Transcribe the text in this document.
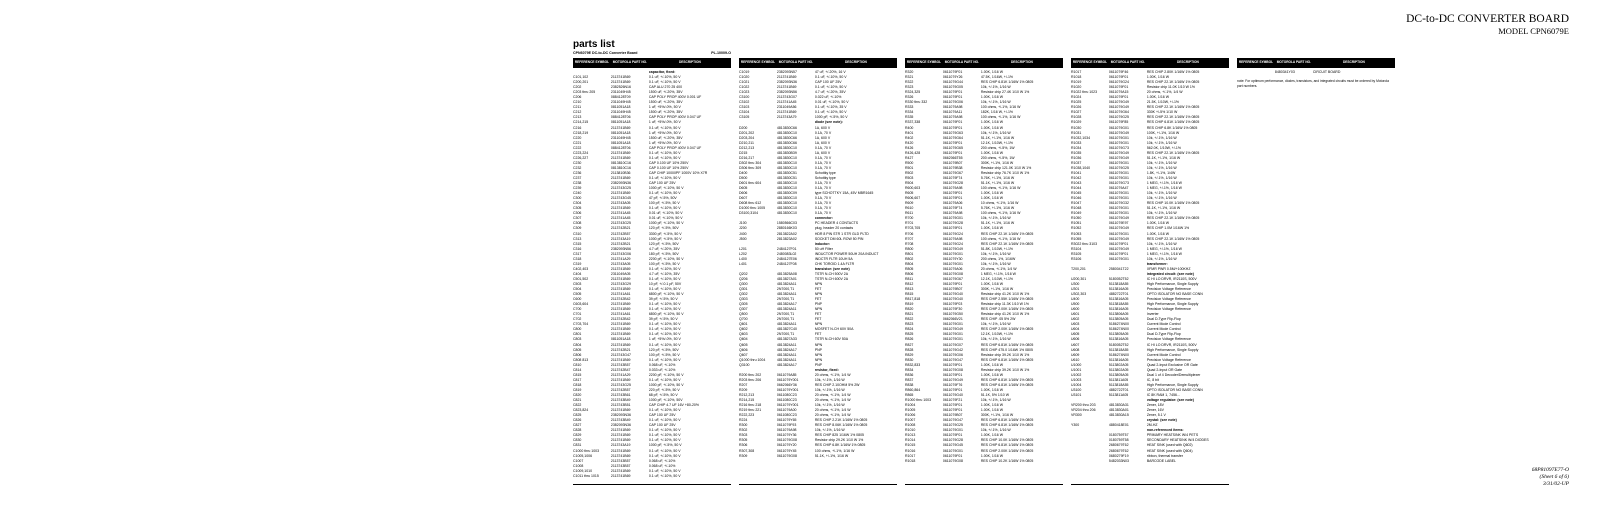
DC-to-DC CONVERTER BOARD
MODEL CPN6079E
parts list
CPN6079E DC-to-DC Converter Board	PL-10009-O
REFERENCE SYMBOL	MOTOROLA PART NO.	DESCRIPTION
capacitor, fixed:
C101,102	2113741B69	0.1 uF, +/-10%, 50 V
C200,201	2113741B69	0.1 uF, +/-10%, 50 V
C202	2382526N16	CAP ALU 270 25 400
C203 thru 205	2311049H45	1500 uF, +/-20%, 35V
C206	0884128T09	CAP POLY PROP 400V 0.001 UF
C210	2311049H45	1500 uF, +/-20%, 35V
C211	0811051A18	1 uF, +5%/-0%, 50 V
C212	2311049H45	1500 uF, +/-20%, 35V
C213	0884128T06	CAP POLY PROP 400V 0.047 UF
C214,215	0811051A18	1 uF, +5%/-0%, 50 V
C216	2113741B69	0.1 uF, +/-10%, 50 V
C218,219	0811051A18	1 uF, +5%/-0%, 50 V
C220	2311049H45	1500 uF, +/-20%, 35V
C221	0811051A18	1 uF, +5%/-0%, 50 V
C222	0884128T06	CAP POLY PROP 400V 0.047 UF
C223,224	2113741B69	0.1 uF, +/-10%, 50 V
C226,227	2113741B69	0.1 uF, +/-10%, 50 V
C230	0813810C16	CAP 0.100 UF 10% 250V
C232	0813810C16	CAP 0.100 UF 10% 250V
C236	2113810B36	CAP CHIP 10000PF 1000V 10% X7R
C237	2113741B69	0.1 uF, +/-10%, 50 V
C238	2382093N36	CAP 100 UF 25V
C239	2113743G25	1000 pF, +/-10%, 50 V
C240	2113741B69	0.1 uF, +/-10%, 50 V
C300	2113743G45	47 pF, +/-5%, 50V
C304	2113743A05	100 pF, +/-5%, 50 V
C305	2113741B69	0.1 uF, +/-10%, 50 V
C306	2113741A45	0.01 uF, +/-10%, 50 V
C307	2113741A45	0.01 uF, +/-10%, 50 V
C308	2113743G25	1000 pF, +/-10%, 50 V
C309	2113742B21	120 pF, +/-5%, 50V
C310	2113742B57	3300 pF, +/-5%, 50 V
C313	2113743A19	1000 pF, +/-5%, 50 V
C315	2113742B21	120 pF, +/-5%, 50V
C316	2382093N56	4.7 uF, +/-20%, 35V
C317	2113743G06	180 pF, +/-5%, 50V
C318	2113741A29	2200 pF, +/-10%, 50 V
C319	2113743A05	100 pF, +/-5%, 50 V
C402,403	2113741B69	0.1 uF, +/-10%, 50 V
C404	2311049A05	4.7 uF, +/-10%, 35V
C501,502	2113741B69	0.1 uF, +/-10%, 50 V
C503	2113743G29	10 pF, +/-0.1 pF, 50V
C504	2113741B69	0.1 uF, +/-10%, 50 V
C505	2113741A61	6800 pF, +/-10%, 50 V
C600	2113742B42	39 pF, +/-5%, 50 V
C603,604	2113741B69	0.1 uF, +/-10%, 50 V
C700	2113741B69	0.1 uF, +/-10%, 50 V
C701	2113741A61	6800 pF, +/-10%, 50 V
C702	2113742B42	39 pF, +/-5%, 50 V
C703,704	2113741B69	0.1 uF, +/-10%, 50 V
C800	2113741B69	0.1 uF, +/-10%, 50 V
C801	2113741B69	0.1 uF, +/-10%, 50 V
C803	0811051A18	1 uF, +5%/-0%, 50 V
C804	2113741B69	0.1 uF, +/-10%, 50 V
C805	2113742B21	120 pF, +/-5%, 50V
C806	2113743G47	100 pF, +/-5%, 50 V
C808 813	2113741B69	0.1 uF, +/-10%, 50 V
C810	2113743B57	0.068 uF, +/-10%
C814	2113742B47	0.033 uF, +/-10%
C815	2113741A29	2200 pF, +/-10%, 50 V
C817	2113741B69	0.1 uF, +/-10%, 50 V
C818	2113743G25	1000 pF, +/-10%, 50 V
C819	2113742B57	220 pF, +/-5%, 50 V
C820	2113743B61	68 pF, +/-5%, 50 V
C821	2113743B49	1000 pF, +/-10%, 50V
C822	2113743B51	CAP CHIP 4.7 UF 16V +80-20%
C823,824	2113741B69	0.1 uF, +/-10%, 50 V
C825	2382093N36	CAP 100 UF 25V
C826	2113743B49	0.1 uF, +/-10%, 50 V
C827	2382093N36	CAP 100 UF 25V
C828	2113741B69	0.1 uF, +/-10%, 50 V
C829	2113741B69	0.1 uF, +/-10%, 50 V
C830	2113741B69	0.1 uF, +/-10%, 50 V
C831	2113743A19	1000 pF, +/-5%, 50 V
C1000 thru 1003	2113741B69	0.1 uF, +/-10%, 50 V
C1005,1006	2113741B69	0.1 uF, +/-10%, 50 V
C1007	2113743B57	0.068 uF, +/-10%
C1008	2113743B57	0.068 uF, +/-10%
C1009,1010	2113741B69	0.1 uF, +/-10%, 50 V
C1011 thru 1015	2113741B69	0.1 uF, +/-10%, 50 V
REFERENCE SYMBOL	MOTOROLA PART NO.	DESCRIPTION
C1019	2382093N57	47 uF, +/-20%, 16 V
C1020	2113741B69	0.1 uF, +/-10%, 50 V
C1021	2382093N36	CAP 100 UF 25V
C1022	2113741B69	0.1 uF, +/-10%, 50 V
C1023	2382093N56	4.7 uF, +/-20%, 35V
C3100	2113743G07	0.022 uF, +/-10%
C3102	2113741A45	0.01 uF, +/-10%, 50 V
C3103	2311049A56	0.1 uF, +/-10%, 35 V
C3104	2113741B69	0.1 uF, +/-10%, 50 V
C3105	2113743A79	1000 pF, +/-5%, 50 V
diode (see note):
D200	4813830C66	1A, 600 V
D201,202	4813830C10	0.1A, 70 V
D203,204	4813830C66	1A, 600 V
D210,211	4813830C66	1A, 600 V
D212,213	4813830C10	0.1A, 70 V
D215	4813830B39	1A, 600 V
D216,217	4813830C10	0.1A, 70 V
D302 thru 304	4813830C10	0.1A, 70 V
D306 thru 309	4813830C10	0.1A, 70 V
D400	4813830C51	Schottky type
D500	4813830C51	Schottky type
D601 thru 604	4813830C10	0.1A, 70 V
D605	4813830C10	0.1A, 70 V
D606	4813830C09	type SCHOTTKY 15A, 45V MBR1645
D607	4813830C10	0.1A, 70 V
D608 thru 612	4813830C10	0.1A, 70 V
D1000 thru 1005	4813830C10	0.1A, 70 V
D3100,3104	4813830C10	0.1A, 70 V
connector:
J100	1580566C03	PC HEADER 4 CONTACTS
J200	2880166K03	plug, header 20 contacts
J400	2813822A02	HDR 8 PIN STR 1 STR GLD PLTD
J500	2813823A02	SOCKET DM 60L ROW 50 PIN
inductor:
L201	2484127F01	50 uH Filter
L202	2480083L02	INDUCTOR POWER 50UH 20A INDUCT
L400	2484127E06	INDCTR FLTR 10UH 5A
L401	2484127F08	CHK TOROID 1.4A FLTR
transistor: (see note)
Q202	4813825A08	TSTR N-CH 500V 2A
Q206	4813827A01	TSTR N-CH 600V 2A
Q300	4813824A11	NPN
Q301	2N7000,T1	FET
Q302	4813824A11	NPN
Q303	2N7000,T1	FET
Q305	4813824A17	PNP
Q307	4813824A11	NPN
Q500	2N7000,T1	FET
Q700	2N7000,T1	FET
Q601	4813824A11	NPN
Q602	4813827C40	MOSFET N-CH 60V 50A
Q603	2N7000,T1	FET
Q604	4813827A33	TSTR N-CH 60V 50A
Q605	4813824A11	NPN
Q606	4813824A17	PNP
Q607	4813824A11	NPN
Q1000 thru 1004	4813824A11	NPN
Q3100	4813824A17	PNP
resistor, fixed:
R200 thru 202	0611079A85	20 ohms, +/-1%, 1/4 W
R203 thru 206	0611079Y001	10k, +/-1%, 1/16 W
R207	0662066Y36	RES CHIP 2.10OHM 5% 2W
R209	0611079Y001	10k, +/-1%, 1/16 W
R212,213	0611080C23	20 ohms, +/-1%, 1/4 W
R214,215	0611080C23	20 ohms, +/-1%, 1/4 W
R216 thru 218	0611079Y001	10k, +/-1%, 1/16 W
R219 thru 221	0611079A00	20 ohms, +/-1%, 1/4 W
R222,223	0611080C23	20 ohms, +/-1%, 1/4 W
R224	0611079Y65	RES CHIP 2.21K 1/16W 1% 0805
R300	0611079F93	RES CHIP 8.06K 1/16W 1% 0805
R302	0611079A98	10k, +/-1%, 1/16 W
R303	0611079Y36	RES CHIP 825 1/16W 1% 0805
R305	0611079G08	Resistor chip 29.2K 1/10 W 1%
R306	0611079Y20	RES CHIP 6.8K 1/16W 1% 0805
R307,308	0611079Y45	100 ohms, +/-1%, 1/16 W
R309	0611079G08	51.1K, +/-1%, 1/16 W
REFERENCE SYMBOL	MOTOROLA PART NO.	DESCRIPTION
R320	0611079F01	1.00K, 1/16 W
R321	0611079Y26	47.5K, 1/16W, +/-1%
R322	0611079G44	RES CHIP 6.81K 1/16W 1% 0805
R323	0611079G05	10k, +/-1%, 1/16 W
R324,325	0611079F01	Resistor chip 27.4K 1/10 W 1%
R326	0611079F01	1.00K, 1/16 W
R330 thru 332	0611079G06	10k, +/-1%, 1/16 W
R333	0611079A98	100 ohms, +/-1%, 1/16 W
R334	0611079A11	182K, 1/16 W, +/-1%
R335	0611079A98	100 ohms, +/-1%, 1/16 W
R337,338	0611079F01	1.00K, 1/16 W
R400	0611079F01	1.00K, 1/16 W
R401	0611079G63	10k, +/-1%, 1/16 W
R402	0611079G64	51.1K, +/-1%, 1/16 W
R420	0611079F01	12.1K, 1/10W, +/-1%
R426	0611079G65	200 ohms, +/-5%, 1W
R426,428	0611079F01	1.00K, 1/16 W
R427	0662066T55	200 ohms, +/-5%, 1W
R500	0611079B07	300K, +/-1%, 1/16 W
R501	0611079B38	Resistor chip 121.0K 1/10 W 1%
R502	0611079G67	Resistor chip 76.7K 1/10 W 1%
R503	0611079F74	5.76K, +/-1%, 1/16 W
R504	0611079G28	51.1K, +/-1%, 1/16 W
R600,603	0611079A98	100 ohms, +/-1%, 1/16 W
R605	0611079F01	1.00K, 1/16 W
R606,607	0611079F01	1.00K, 1/16 W
R609	0611079A06	10 ohms, +/-1%, 1/16 W
R610	0611079F74	5.76K, +/-1%, 1/16 W
R611	0611079A98	100 ohms, +/-1%, 1/16 W
R700	0611079G01	10k, +/-1%, 1/16 W
R701	0611079G28	51.1K, +/-1%, 1/16 W
R703,705	0611079F01	1.00K, 1/16 W
R706	0611079G24	RES CHIP 22.1K 1/16W 1% 0805
R707	0611079A98	100 ohms, +/-1%, 1/16 W
R708	0611079G24	RES CHIP 22.1K 1/16W 1% 0805
R800	0611079G49	51.8K, 1/10W, +/-1%
R801	0611079G01	10k, +/-1%, 1/16 W
R802	0611079Y30	200 ohms, 1%, 1/16W
R804	0611079G01	10k, +/-1%, 1/16 W
R805	0611079A06	20 ohms, +/-1%, 1/4 W
R806	0611079G08	1 MEG, +/-1%, 1/16 W
R811	0611079G67	12.1K, 1/10W, +/-1%
R812	0611079F01	1.00K, 1/16 W
R813	0611079B07	300K, +/-1%, 1/16 W
R815	0611079G40	Resistor chip 41.2K 1/10 W 1%
R817,818	0611079G40	RES CHIP 2.55K 1/16W 1% 0805
R819	0611079F03	Resistor chip 11.3K 1/10 W 1%
R820	0611079F30	RES CHIP 2.00K 1/16W 1% 0805
R821	0611079G50	Resistor chip 41.2K 1/10 W 1%
R822	0662066V21	RES CHIP .05 5% 2W
R823	0611079G01	10k, +/-1%, 1/16 W
R824	0611079G49	RES CHIP 2.00K 1/16W 1% 0805
R825	0611079G01	12.1K, 1/10W, +/-1%
R826	0611079G01	10k, +/-1%, 1/16 W
R827	0611079G07	RES CHIP 6.81K 1/16W 1% 0805
R828	0611079G42	RES CHIP 475.0 1/16W 1% 0805
R829	0611079G06	Resistor chip 39.2K 1/10 W 1%
R830	0611079G47	RES CHIP 6.81K 1/16W 1% 0805
R832,833	0611079F01	1.00K, 1/16 W
R834	0611079G08	Resistor chip 39.2K 1/10 W 1%
R836	0611079F01	1.00K, 1/16 W
R837	0611079G49	RES CHIP 6.81K 1/16W 1% 0805
R838	0611079F76	RES CHIP 6.81K 1/16W 1% 0805
R860,864	0611079F01	1.00K, 1/16 W
R865	0611079G40	51.1K, 5% 1/10 W
R1000 thru 1003	0611079F21	10k, +/-1%, 1/16 W
R1004	0611079F01	1.00K, 1/16 W
R1005	0611079F01	1.00K, 1/16 W
R1006	0611079B07	300K, +/-1%, 1/16 W
R1007	0611079G47	RES CHIP 6.81K 1/16W 1% 0805
R1008	0611079G25	RES CHIP 6.81K 1/16W 1% 0805
R1010	0611079G01	10k, +/-1%, 1/16 W
R1013	0611079F01	1.00K, 1/16 W
R1014	0611079G28	RES CHIP 10.0K 1/16W 1% 0805
R1015	0611079G45	RES CHIP 6.81K 1/16W 1% 0805
R1016	0611079G01	RES CHIP 2.00K 1/16W 1% 0805
R1017	0611079F01	1.00K, 1/16 W
R1018	0611079G08	RES CHIP 10.2K 1/16W 1% 0805
REFERENCE SYMBOL	MOTOROLA PART NO.	DESCRIPTION
R1017	0611079F46	RES CHIP 2.80K 1/16W 1% 0805
R1018	0611079F01	1.00K, 1/16 W
R1019	0611079G24	RES CHIP 22.1K 1/16W 1% 0805
R1020	0611079F01	Resistor chip 11.0K 1/10 W 1%
R1022 thru 1023	0611079A15	20 ohms, +/-1%, 1/4 W
R1024	0611079F01	1.00K, 1/16 W
R1025	0611079G49	21.5K, 1/10W, +/-1%
R1026	0611079G49	RES CHIP 22.1K 1/16W 1% 0805
R1027	0611079G64	330K +/-5% 1/10 W
R1028	0611079G25	RES CHIP 22.1K 1/16W 1% 0805
R1029	0611079F85	RES CHIP 6.81K 1/16W 1% 0805
R1030	0611079G01	RES CHIP 6.8K 1/16W 1% 0805
R1031	0611079G49	100K, +/-1%, 1/16 W
R1032,1034	0611079G01	10k, +/-1%, 1/16 W
R1033	0611079G01	10k, +/-1%, 1/16 W
R1034	0611079G73	562.0K, 1/10W, +/-1%
R1035	0611079G49	RES CHIP 22.1K 1/16W 1% 0805
R1036	0611079G49	51.1K, +/-1%, 1/16 W
R1037	0611079G01	10k, +/-1%, 1/16 W
R1038,1040	0611079G25	10k, +/-1%, 1/16 W
R1041	0611079G01	1.8K, +/-1%, 1/4W
R1042	0611079G01	10k, +/-1%, 1/16 W
R1043	0611079G73	1 MEG, +/-1%, 1/16 W
R1044	0611079A47	1 MEG, +/-1%, 1/16 W
R1045	0611079G01	10k, +/-1%, 1/16 W
R1046	0611079G01	10k, +/-1%, 1/16 W
R1047	0611079G32	RES CHIP 10.0K 1/16W 1% 0805
R1048	0611079G01	51.1K, +/-1%, 1/16 W
R1049	0611079G01	10k, +/-1%, 1/16 W
R1050	0611079G49	RES CHIP 22.1K 1/16W 1% 0805
R1051	0611079E97	1.00K, 1/16 W
R1052	0611079G49	RES CHIP 1.0M 1/16W 1%
R1053	0611079G01	1.00K, 1/16 W
R1055	0611079G49	RES CHIP 22.1K 1/16W 1% 0805
R3022 thru 3103	0611079F01	10k, +/-1%, 1/16 W
R3104	0611079G49	1 MEG, +/-1%, 1/16 W
R3105	0611079F01	1 MEG, +/-1%, 1/16 W
R3106	0611079G01	10k, +/-1%, 1/16 W
transformer:
T200,201	2580041T22	XFMR PWR 0.5M/+100KHZ
integrated circuit: (see note)
U200,301	5180052T52	IC HI LO DRVR, IR2110S, 500V
U300	5113818A55	High Performance, Single Supply
U301	5113816A05	Precision Voltage Reference
U302,303	4882722T01	OPTO ISOLATOR NO BASE CONN
U400	5113816A05	Precision Voltage Reference
U500	5113818A55	High Performance, Single Supply
U600	5113816A05	Precision Voltage Reference
U601	5113806A05	Inverter
U602	5113805A05	Dual D-Type Flip-Flop
U603	5186274N00	Current Mode Control
U604	5186274N00	Current Mode Control
U605	5113805A05	Dual D-Type Flip-Flop
U606	5113816A05	Precision Voltage Reference
U607	5180052T52	IC HI LO DRVR, IR2110S, 500V
U608	5113818A55	High Performance, Single Supply
U609	5186274N00	Current Mode Control
U610	5113816A05	Precision Voltage Reference
U1000	5113802A05	Quad 2-Input Exclusive OR Gate
U1001	5113802A05	Quad 2-Input OR Gate
U1002	5113805A05	Dual 1 of 4 Decoder/Demultiplexer
U1003	5113811A05	IC, 8 bit
U1004	5113818A55	High Performance, Single Supply
U3100	4882722T01	OPTO ISOLATOR NO BASE CONN
U3101	5113811A05	IC 8K RAM 1, 7456...
voltage regulator: (see note)
VR200 thru 203	4813830A31	Zener, 18V
VR204 thru 206	4813830A01	Zener, 16V
VR300	4813830A15	Zener, 5.1 V
crystal: (see note)
Y300	4880418E01	2M-HZ
non-referenced items:
0180759T57	PRIMARY HEATSINK W/4 PETS
0180759T58	SECONDARY HEATSINK W/4 DIODES
2680679T62	HEAT SINK (used with Q602)
2680679T62	HEAT SINK (used with Q604)
0680279F19	ribbon, thermal transfer
5482033N03	BARCODE LABEL
REFERENCE SYMBOL	MOTOROLA PART NO.	DESCRIPTION
8480341Y03	CIRCUIT BOARD
note: For optimum performance, diodes, transistors, and integrated circuits must be ordered by Motorola part numbers.
68P81097E77-O
(Sheet 6 of 6)
3/31/02-UP
